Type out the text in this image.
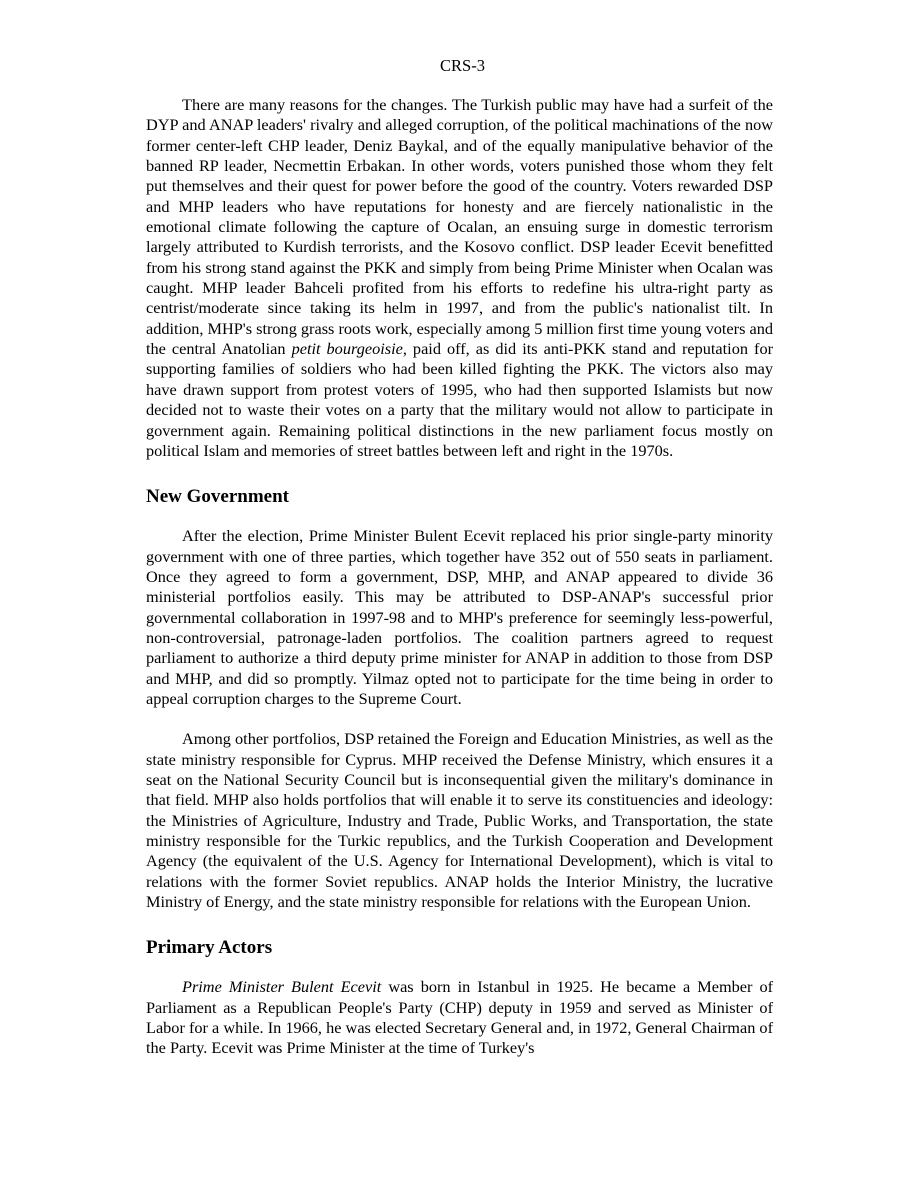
CRS-3

There are many reasons for the changes. The Turkish public may have had a surfeit of the DYP and ANAP leaders' rivalry and alleged corruption, of the political machinations of the now former center-left CHP leader, Deniz Baykal, and of the equally manipulative behavior of the banned RP leader, Necmettin Erbakan. In other words, voters punished those whom they felt put themselves and their quest for power before the good of the country. Voters rewarded DSP and MHP leaders who have reputations for honesty and are fiercely nationalistic in the emotional climate following the capture of Ocalan, an ensuing surge in domestic terrorism largely attributed to Kurdish terrorists, and the Kosovo conflict. DSP leader Ecevit benefitted from his strong stand against the PKK and simply from being Prime Minister when Ocalan was caught. MHP leader Bahceli profited from his efforts to redefine his ultra-right party as centrist/moderate since taking its helm in 1997, and from the public's nationalist tilt. In addition, MHP's strong grass roots work, especially among 5 million first time young voters and the central Anatolian petit bourgeoisie, paid off, as did its anti-PKK stand and reputation for supporting families of soldiers who had been killed fighting the PKK. The victors also may have drawn support from protest voters of 1995, who had then supported Islamists but now decided not to waste their votes on a party that the military would not allow to participate in government again. Remaining political distinctions in the new parliament focus mostly on political Islam and memories of street battles between left and right in the 1970s.

New Government

After the election, Prime Minister Bulent Ecevit replaced his prior single-party minority government with one of three parties, which together have 352 out of 550 seats in parliament. Once they agreed to form a government, DSP, MHP, and ANAP appeared to divide 36 ministerial portfolios easily. This may be attributed to DSP-ANAP's successful prior governmental collaboration in 1997-98 and to MHP's preference for seemingly less-powerful, non-controversial, patronage-laden portfolios. The coalition partners agreed to request parliament to authorize a third deputy prime minister for ANAP in addition to those from DSP and MHP, and did so promptly. Yilmaz opted not to participate for the time being in order to appeal corruption charges to the Supreme Court.

Among other portfolios, DSP retained the Foreign and Education Ministries, as well as the state ministry responsible for Cyprus. MHP received the Defense Ministry, which ensures it a seat on the National Security Council but is inconsequential given the military's dominance in that field. MHP also holds portfolios that will enable it to serve its constituencies and ideology: the Ministries of Agriculture, Industry and Trade, Public Works, and Transportation, the state ministry responsible for the Turkic republics, and the Turkish Cooperation and Development Agency (the equivalent of the U.S. Agency for International Development), which is vital to relations with the former Soviet republics. ANAP holds the Interior Ministry, the lucrative Ministry of Energy, and the state ministry responsible for relations with the European Union.

Primary Actors

Prime Minister Bulent Ecevit was born in Istanbul in 1925. He became a Member of Parliament as a Republican People's Party (CHP) deputy in 1959 and served as Minister of Labor for a while. In 1966, he was elected Secretary General and, in 1972, General Chairman of the Party. Ecevit was Prime Minister at the time of Turkey's
